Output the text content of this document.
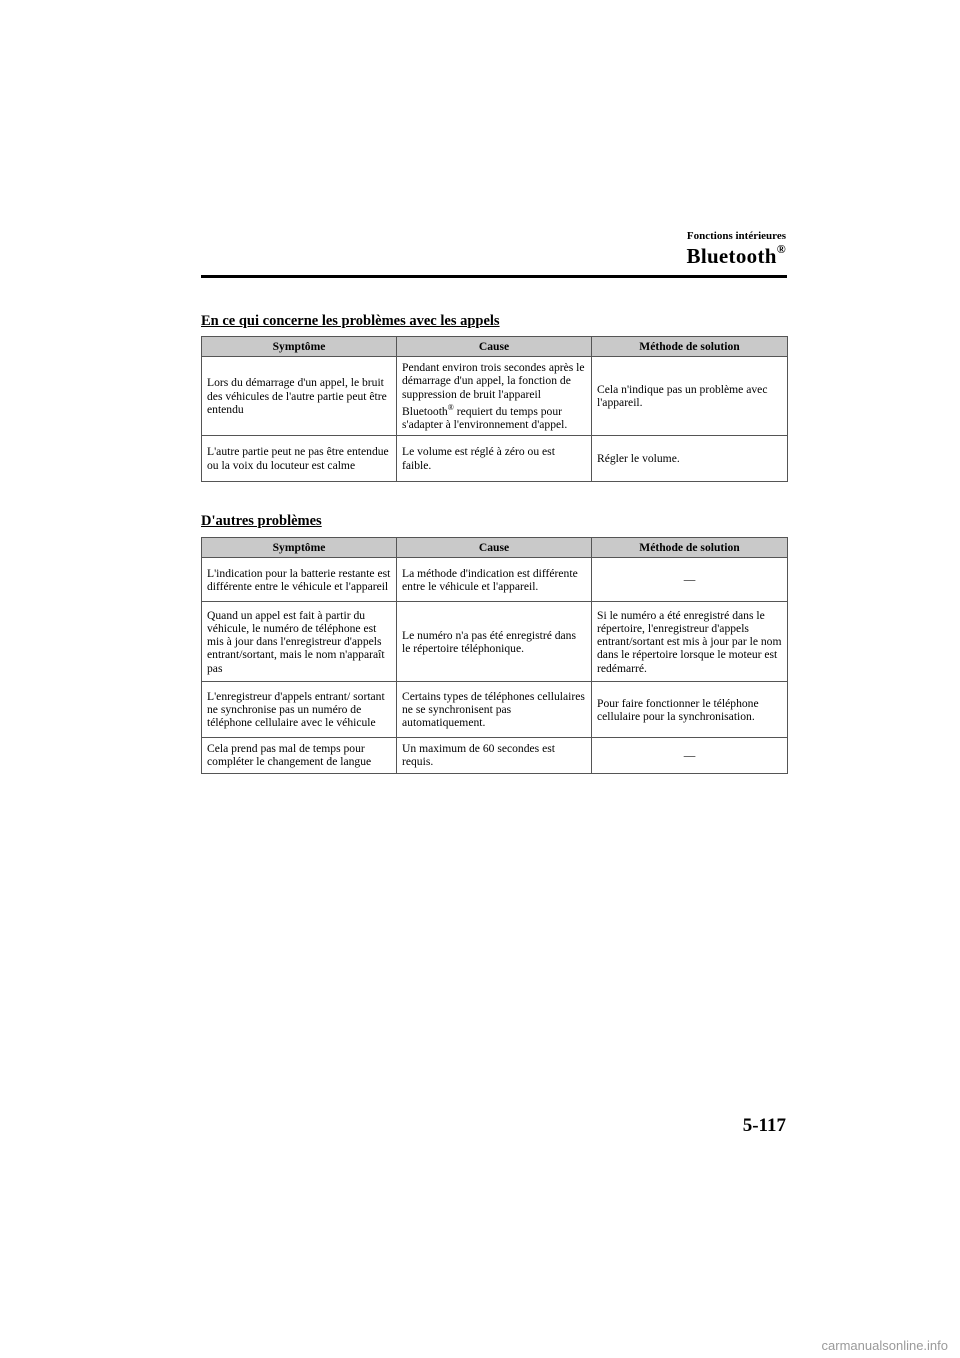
Fonctions intérieures
Bluetooth®
En ce qui concerne les problèmes avec les appels
Symptôme	Cause	Méthode de solution
Lors du démarrage d'un appel, le bruit des véhicules de l'autre partie peut être entendu	Pendant environ trois secondes après le démarrage d'un appel, la fonction de suppression de bruit l'appareil Bluetooth® requiert du temps pour s'adapter à l'environnement d'appel.	Cela n'indique pas un problème avec l'appareil.
L'autre partie peut ne pas être entendue ou la voix du locuteur est calme	Le volume est réglé à zéro ou est faible.	Régler le volume.
D'autres problèmes
Symptôme	Cause	Méthode de solution
L'indication pour la batterie restante est différente entre le véhicule et l'appareil	La méthode d'indication est différente entre le véhicule et l'appareil.	—
Quand un appel est fait à partir du véhicule, le numéro de téléphone est mis à jour dans l'enregistreur d'appels entrant/sortant, mais le nom n'apparaît pas	Le numéro n'a pas été enregistré dans le répertoire téléphonique.	Si le numéro a été enregistré dans le répertoire, l'enregistreur d'appels entrant/sortant est mis à jour par le nom dans le répertoire lorsque le moteur est redémarré.
L'enregistreur d'appels entrant/ sortant ne synchronise pas un numéro de téléphone cellulaire avec le véhicule	Certains types de téléphones cellulaires ne se synchronisent pas automatiquement.	Pour faire fonctionner le téléphone cellulaire pour la synchronisation.
Cela prend pas mal de temps pour compléter le changement de langue	Un maximum de 60 secondes est requis.	—
5-117
carmanualsonline.info
